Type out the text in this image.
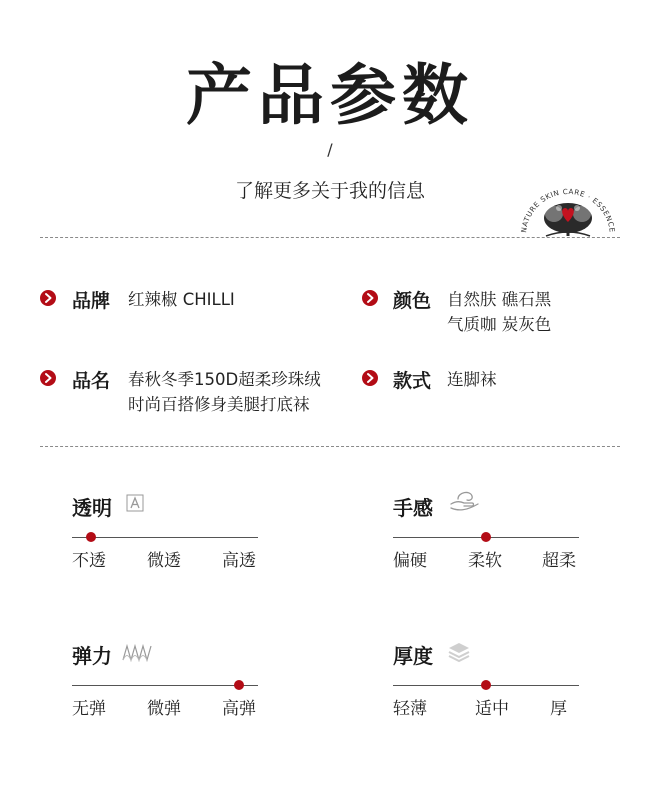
产品参数
/
了解更多关于我的信息
NATURE SKIN CARE · ESSENCE
品牌 红辣椒 CHILLI	颜色 自然肤 礁石黑
气质咖 炭灰色
品名 春秋冬季150D超柔珍珠绒
时尚百搭修身美腿打底袜
款式 连脚袜
透明
不透 微透 高透
手感
偏硬 柔软 超柔
弹力
无弹 微弹 高弹
厚度
轻薄	适中 厚
